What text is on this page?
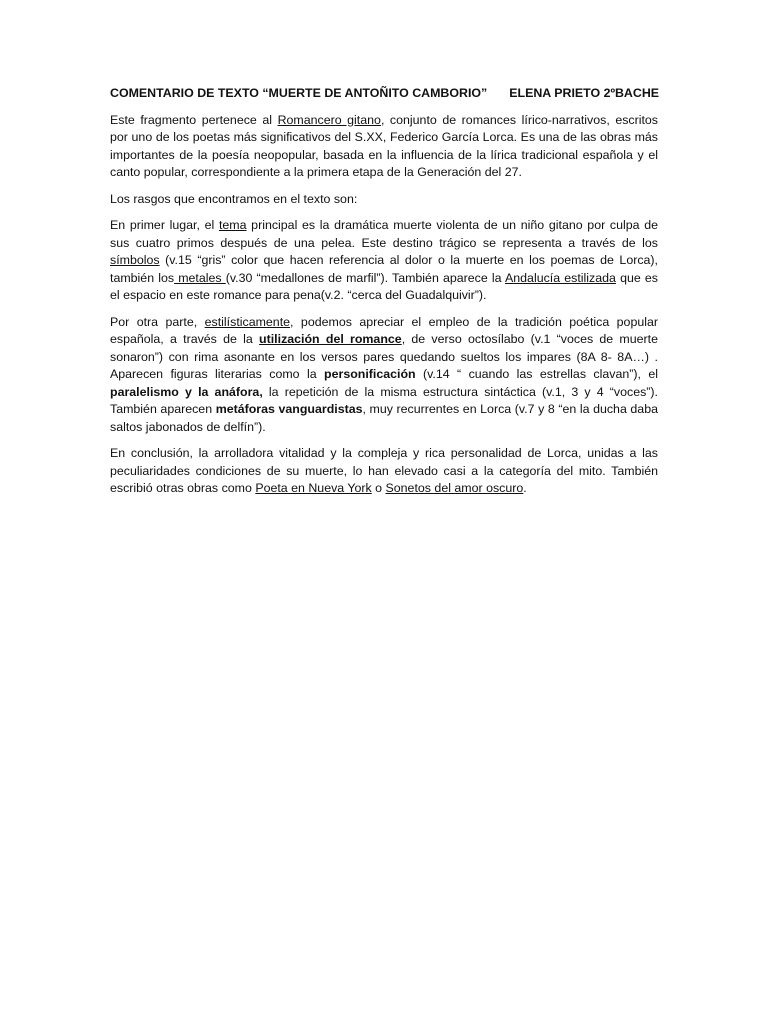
COMENTARIO DE TEXTO “MUERTE DE ANTOÑITO CAMBORIO” ELENA PRIETO 2ºBACHE

Este fragmento pertenece al Romancero gitano, conjunto de romances lírico-narrativos, escritos por uno de los poetas más significativos del S.XX, Federico García Lorca. Es una de las obras más importantes de la poesía neopopular, basada en la influencia de la lírica tradicional española y el canto popular, correspondiente a la primera etapa de la Generación del 27.

Los rasgos que encontramos en el texto son:

En primer lugar, el tema principal es la dramática muerte violenta de un niño gitano por culpa de sus cuatro primos después de una pelea. Este destino trágico se representa a través de los símbolos (v.15 “gris” color que hacen referencia al dolor o la muerte en los poemas de Lorca), también los metales (v.30 “medallones de marfil”). También aparece la Andalucía estilizada que es el espacio en este romance para pena(v.2. “cerca del Guadalquivir”).

Por otra parte, estilísticamente, podemos apreciar el empleo de la tradición poética popular española, a través de la utilización del romance, de verso octosílabo (v.1 “voces de muerte sonaron”) con rima asonante en los versos pares quedando sueltos los impares (8A 8- 8A…) . Aparecen figuras literarias como la personificación (v.14 “ cuando las estrellas clavan”), el paralelismo y la anáfora, la repetición de la misma estructura sintáctica (v.1, 3 y 4 “voces”). También aparecen metáforas vanguardistas, muy recurrentes en Lorca (v.7 y 8 “en la ducha daba saltos jabonados de delfín”).

En conclusión, la arrolladora vitalidad y la compleja y rica personalidad de Lorca, unidas a las peculiaridades condiciones de su muerte, lo han elevado casi a la categoría del mito. También escribió otras obras como Poeta en Nueva York o Sonetos del amor oscuro.
